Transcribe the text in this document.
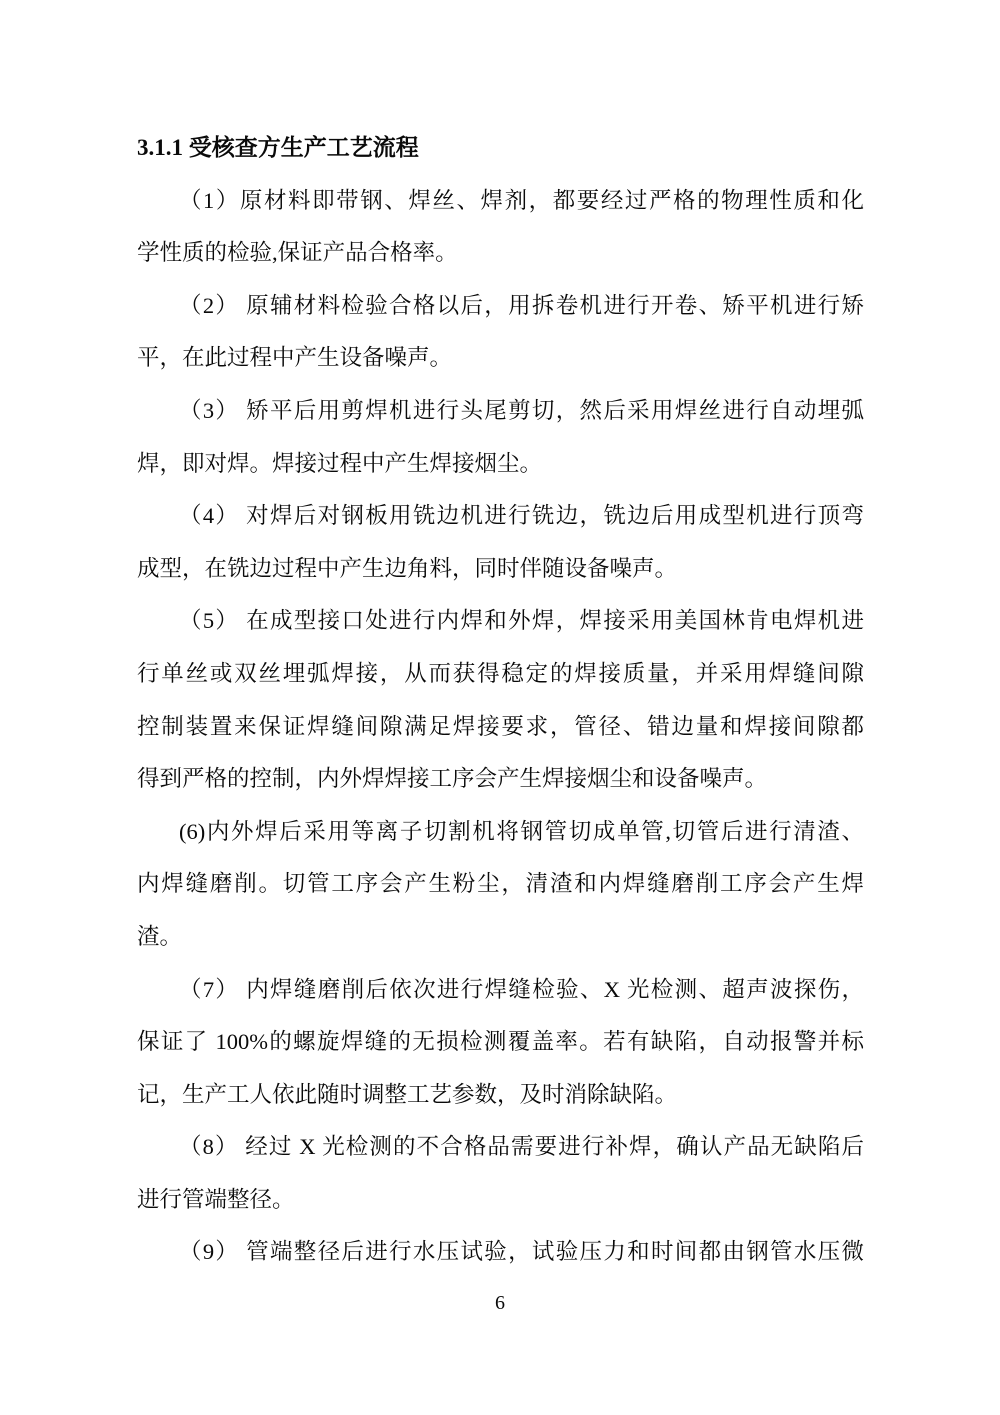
3.1.1 受核查方生产工艺流程
（1）原材料即带钢、焊丝、焊剂，都要经过严格的物理性质和化
学性质的检验,保证产品合格率。
（2） 原辅材料检验合格以后，用拆卷机进行开卷、矫平机进行矫
平，在此过程中产生设备噪声。
（3） 矫平后用剪焊机进行头尾剪切，然后采用焊丝进行自动埋弧
焊，即对焊。焊接过程中产生焊接烟尘。
（4） 对焊后对钢板用铣边机进行铣边，铣边后用成型机进行顶弯
成型，在铣边过程中产生边角料，同时伴随设备噪声。
（5） 在成型接口处进行内焊和外焊，焊接采用美国林肯电焊机进
行单丝或双丝埋弧焊接，从而获得稳定的焊接质量，并采用焊缝间隙
控制装置来保证焊缝间隙满足焊接要求，管径、错边量和焊接间隙都
得到严格的控制，内外焊焊接工序会产生焊接烟尘和设备噪声。
(6)内外焊后采用等离子切割机将钢管切成单管,切管后进行清渣、
内焊缝磨削。切管工序会产生粉尘，清渣和内焊缝磨削工序会产生焊
渣。
（7） 内焊缝磨削后依次进行焊缝检验、X 光检测、超声波探伤，
保证了 100%的螺旋焊缝的无损检测覆盖率。若有缺陷，自动报警并标
记，生产工人依此随时调整工艺参数，及时消除缺陷。
（8） 经过 X 光检测的不合格品需要进行补焊，确认产品无缺陷后
进行管端整径。
（9） 管端整径后进行水压试验，试验压力和时间都由钢管水压微
6
